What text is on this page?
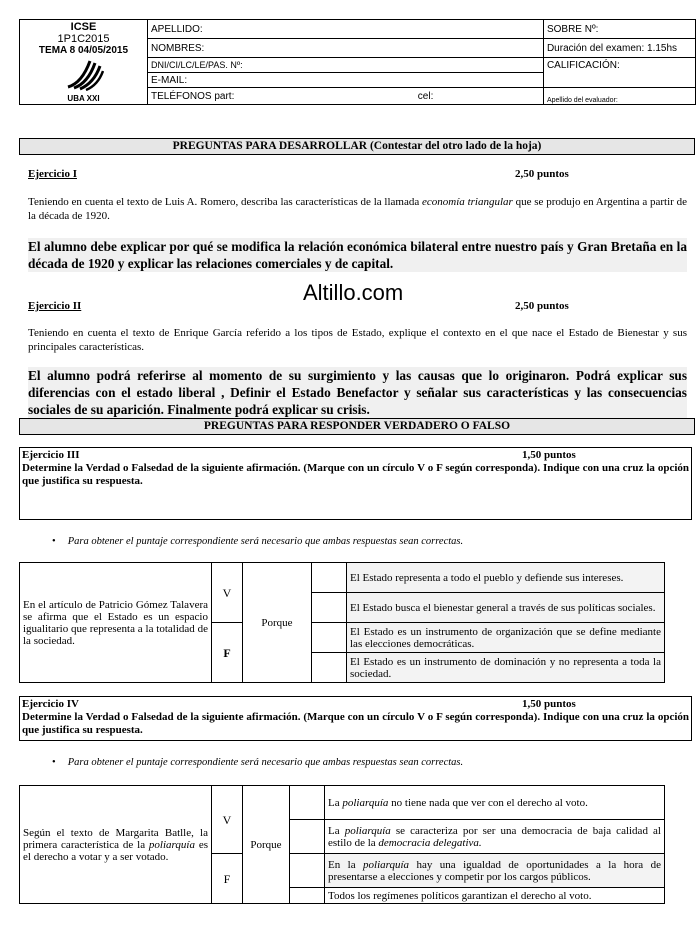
ICSE
1P1C2015
TEMA 8 04/05/2015
UBA XXI	APELLIDO:		SOBRE Nº:
	NOMBRES:		Duración del examen: 1.15hs
	DNI/CI/LC/LE/PAS. Nº:		CALIFICACIÓN:
	E-MAIL:		
	TELÉFONOS part:	cel:	Apellido del evaluador:
PREGUNTAS PARA DESARROLLAR (Contestar del otro lado de la hoja)
Ejercicio I	2,50 puntos
Teniendo en cuenta el texto de Luis A. Romero, describa las características de la llamada economía triangular que se produjo en Argentina a partir de la década de 1920.
El alumno debe explicar por qué se modifica la relación económica bilateral entre nuestro país y Gran Bretaña en la década de 1920 y explicar las relaciones comerciales y de capital.
Altillo.com
Ejercicio II	2,50 puntos
Teniendo en cuenta el texto de Enrique García referido a los tipos de Estado, explique el contexto en el que nace el Estado de Bienestar y sus principales características.
El alumno podrá referirse al momento de su surgimiento y las causas que lo originaron. Podrá explicar sus diferencias con el estado liberal , Definir el Estado Benefactor y señalar sus características y las consecuencias sociales de su aparición. Finalmente podrá explicar su crisis.
PREGUNTAS PARA RESPONDER VERDADERO O FALSO
Ejercicio III	1,50 puntos
Determine la Verdad o Falsedad de la siguiente afirmación. (Marque con un círculo V o F según corresponda). Indique con una cruz la opción que justifica su respuesta.
• Para obtener el puntaje correspondiente será necesario que ambas respuestas sean correctas.
En el artículo de Patricio Gómez Talavera se afirma que el Estado es un espacio igualitario que representa a la totalidad de la sociedad.	V	Porque		El Estado representa a todo el pueblo y defiende sus intereses.
				El Estado busca el bienestar general a través de sus políticas sociales.
	F			El Estado es un instrumento de organización que se define mediante las elecciones democráticas.
				El Estado es un instrumento de dominación y no representa a toda la sociedad.
Ejercicio IV	1,50 puntos
Determine la Verdad o Falsedad de la siguiente afirmación. (Marque con un círculo V o F según corresponda). Indique con una cruz la opción que justifica su respuesta.
• Para obtener el puntaje correspondiente será necesario que ambas respuestas sean correctas.
Según el texto de Margarita Batlle, la primera característica de la poliarquía es el derecho a votar y a ser votado.	V	Porque		La poliarquía no tiene nada que ver con el derecho al voto.
				La poliarquía se caracteriza por ser una democracia de baja calidad al estilo de la democracia delegativa.
	F			En la poliarquía hay una igualdad de oportunidades a la hora de presentarse a elecciones y competir por los cargos públicos.
				Todos los regímenes políticos garantizan el derecho al voto.
